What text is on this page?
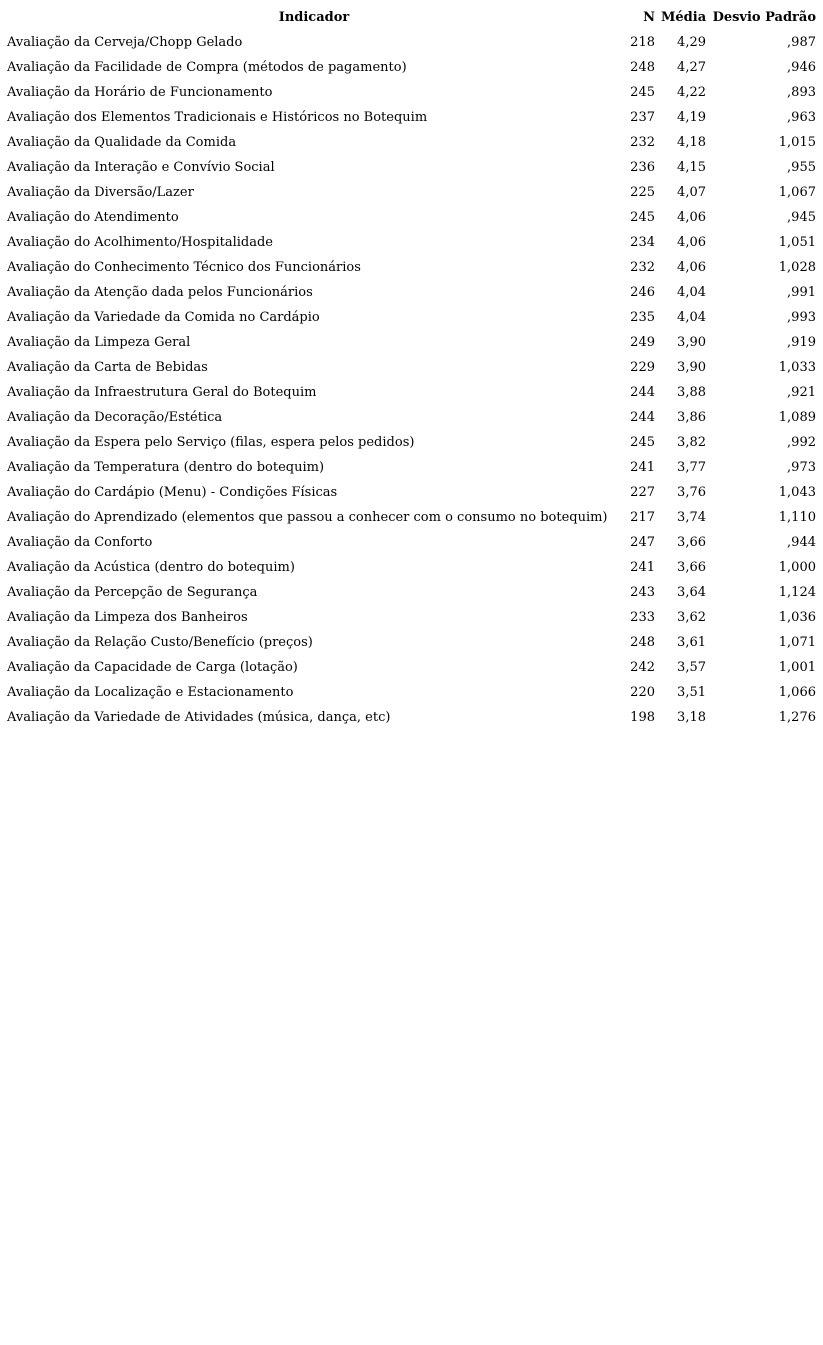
Indicador	N	Média	Desvio Padrão
Avaliação da Cerveja/Chopp Gelado	218	4,29	,987
Avaliação da Facilidade de Compra (métodos de pagamento)	248	4,27	,946
Avaliação da Horário de Funcionamento	245	4,22	,893
Avaliação dos Elementos Tradicionais e Históricos no Botequim	237	4,19	,963
Avaliação da Qualidade da Comida	232	4,18	1,015
Avaliação da Interação e Convívio Social	236	4,15	,955
Avaliação da Diversão/Lazer	225	4,07	1,067
Avaliação do Atendimento	245	4,06	,945
Avaliação do Acolhimento/Hospitalidade	234	4,06	1,051
Avaliação do Conhecimento Técnico dos Funcionários	232	4,06	1,028
Avaliação da Atenção dada pelos Funcionários	246	4,04	,991
Avaliação da Variedade da Comida no Cardápio	235	4,04	,993
Avaliação da Limpeza Geral	249	3,90	,919
Avaliação da Carta de Bebidas	229	3,90	1,033
Avaliação da Infraestrutura Geral do Botequim	244	3,88	,921
Avaliação da Decoração/Estética	244	3,86	1,089
Avaliação da Espera pelo Serviço (filas, espera pelos pedidos)	245	3,82	,992
Avaliação da Temperatura (dentro do botequim)	241	3,77	,973
Avaliação do Cardápio (Menu) - Condições Físicas	227	3,76	1,043
Avaliação do Aprendizado (elementos que passou a conhecer com o consumo no botequim)	217	3,74	1,110
Avaliação da Conforto	247	3,66	,944
Avaliação da Acústica (dentro do botequim)	241	3,66	1,000
Avaliação da Percepção de Segurança	243	3,64	1,124
Avaliação da Limpeza dos Banheiros	233	3,62	1,036
Avaliação da Relação Custo/Benefício (preços)	248	3,61	1,071
Avaliação da Capacidade de Carga (lotação)	242	3,57	1,001
Avaliação da Localização e Estacionamento	220	3,51	1,066
Avaliação da Variedade de Atividades (música, dança, etc)	198	3,18	1,276
